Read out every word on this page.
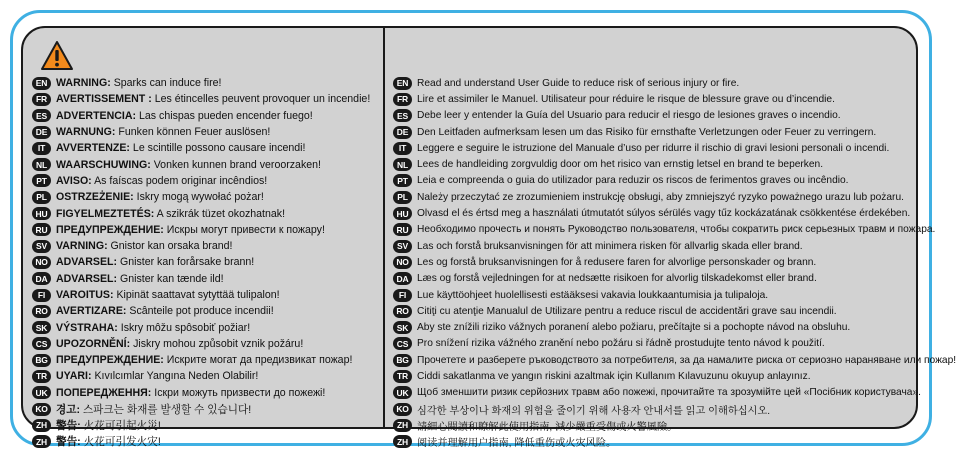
EN WARNING: Sparks can induce fire!
FR AVERTISSEMENT : Les étincelles peuvent provoquer un incendie!
ES ADVERTENCIA: Las chispas pueden encender fuego!
DE WARNUNG: Funken können Feuer auslösen!
IT	AVVERTENZE: Le scintille possono causare incendi!
NL WAARSCHUWING: Vonken kunnen brand veroorzaken!
PT AVISO: As faíscas podem originar incêndios!
PL OSTRZEŻENIE: Iskry mogą wywołać pożar!
HU FIGYELMEZTETÉS: A szikrák tüzet okozhatnak!
RU ПРЕДУПРЕЖДЕНИЕ: Искры могут привести к пожару!
SV VARNING: Gnistor kan orsaka brand!
NO ADVARSEL: Gnister kan forårsake brann!
DA ADVARSEL: Gnister kan tænde ild!
FI	VAROITUS: Kipinät saattavat sytyttää tulipalon!
RO AVERTIZARE: Scânteile pot produce incendii!
SK VÝSTRAHA: Iskry môžu spôsobiť požiar!
CS UPOZORNĚNÍ: Jiskry mohou způsobit vznik požáru!
BG ПРЕДУПРЕЖДЕНИЕ: Искрите могат да предизвикат пожар!
TR UYARI: Kıvılcımlar Yangına Neden Olabilir!
UK ПОПЕРЕДЖЕННЯ: Іскри можуть призвести до пожежі!
KO 경고: 스파크는 화재를 발생할 수 있습니다!
ZH 警告: 火花可引起火災!
ZH 警告: 火花可引发火灾!
EN Read and understand User Guide to reduce risk of serious injury or fire.
FR Lire et assimiler le Manuel. Utilisateur pour réduire le risque de blessure grave ou d’incendie.
ES Debe leer y entender la Guía del Usuario para reducir el riesgo de lesiones graves o incendio.
DE Den Leitfaden aufmerksam lesen um das Risiko für ernsthafte Verletzungen oder Feuer zu verringern.
IT	Leggere e seguire le istruzione del Manuale d’uso per ridurre il rischio di gravi lesioni personali o incendi.
NL Lees de handleiding zorgvuldig door om het risico van ernstig letsel en brand te beperken.
PT Leia e compreenda o guia do utilizador para reduzir os riscos de ferimentos graves ou incêndio.
PL Należy przeczytać ze zrozumieniem instrukcję obsługi, aby zmniejszyć ryzyko poważnego urazu lub pożaru.
HU Olvasd el és értsd meg a használati útmutatót súlyos sérülés vagy tűz kockázatának csökkentése érdekében.
RU Необходимо прочесть и понять Руководство пользователя, чтобы сократить риск серьезных травм и пожара.
SV Las och forstå bruksanvisningen för att minimera risken för allvarlig skada eller brand.
NO Les og forstå bruksanvisningen for å redusere faren for alvorlige personskader og brann.
DA Læs og forstå vejledningen for at nedsætte risikoen for alvorlig tilskadekomst eller brand.
FI	Lue käyttöohjeet huolellisesti estääksesi vakavia loukkaantumisia ja tulipaloja.
RO Citiţi cu atenţie Manualul de Utilizare pentru a reduce riscul de accidentări grave sau incendii.
SK Aby ste znížili riziko vážnych poranení alebo požiaru, prečítajte si a pochopte návod na obsluhu.
CS Pro snížení rizika vážného zranění nebo požáru si řádně prostudujte tento návod k použití.
BG Прочетете и разберете ръководството за потребителя, за да намалите риска от сериозно нараняване или пожар!
TR Ciddi sakatlanma ve yangın riskini azaltmak için Kullanım Kılavuzunu okuyup anlayınız.
UK Щоб зменшити ризик серйозних травм або пожежі, прочитайте та зрозумійте цей «Посібник користувача».
KO 심각한 부상이나 화재의 위험을 줄이기 위해 사용자 안내서를 읽고 이해하십시오.
ZH 請細心閱讀和瞭解此使用指南, 減少嚴重受傷或火警風險。
ZH 阅读并理解用户指南, 降低重伤或火灾风险。
